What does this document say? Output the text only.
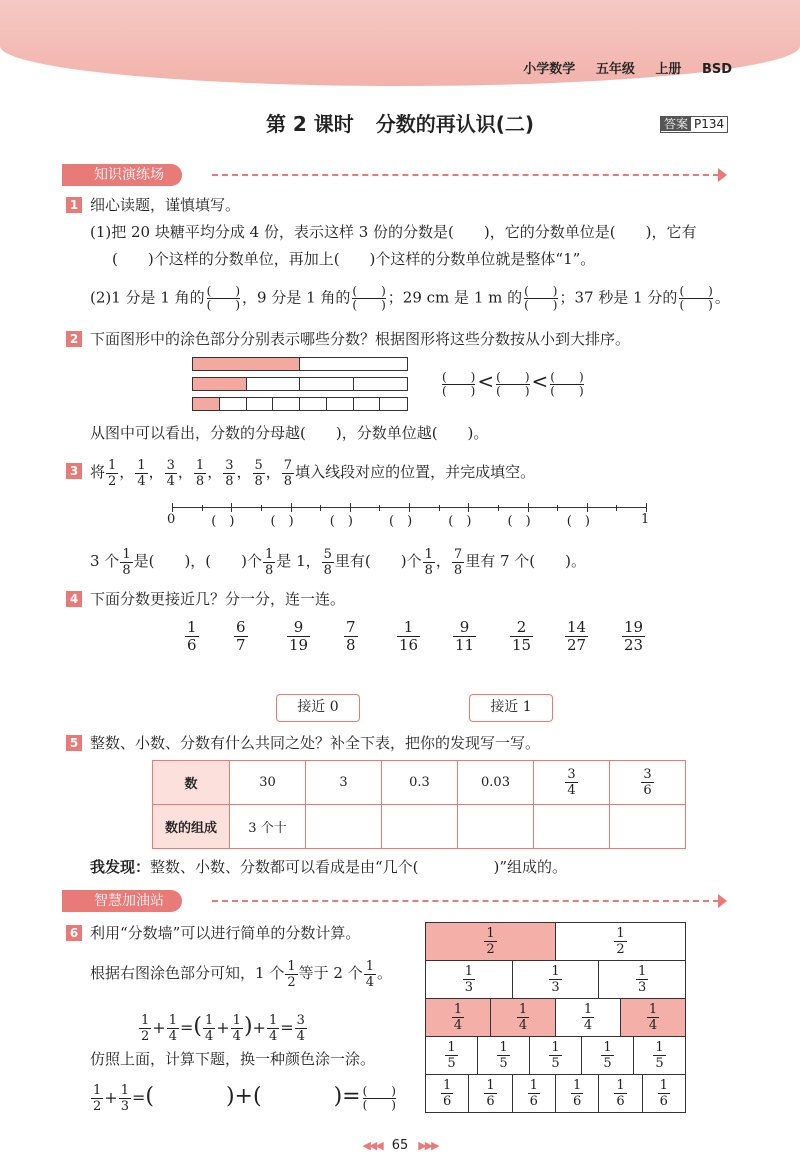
小学数学 五年级 上册 BSD
第 2 课时 分数的再认识(二)	答案 P134
知识演练场
1 细心读题，谨慎填写。
(1)把 20 块糖平均分成 4 份，表示这样 3 份的分数是(　　)，它的分数单位是(　　)，它有
(　　)个这样的分数单位，再加上(　　)个这样的分数单位就是整体“1”。
(2)1 分是 1 角的 (　　)
(　　) ，9 分是 1 角的 (　　)
(　　) ；29 cm 是 1 m 的 (　　)
(　　) ；37 秒是 1 分的 (　　)
(　　) 。
2 下面图形中的涂色部分分别表示哪些分数？根据图形将这些分数按从小到大排序。
(　　)
(　　) < (　　)
(　　) < (　　)
(　　)
从图中可以看出，分数的分母越(　　)，分数单位越(　　)。
3 将 $\frac{1}{2}$ ， $\frac{1}{4}$ ， $\frac{3}{4}$ ， $\frac{1}{8}$ ， $\frac{3}{8}$ ， $\frac{5}{8}$ ， $\frac{7}{8}$ 填入线段对应的位置，并完成填空。
0	1
(　)	(　)	(　)	(　)	(　)	(　)	(　)
3 个 $\frac{1}{8}$ 是(　　)，(　　)个 $\frac{1}{8}$ 是 1， $\frac{5}{8}$ 里有(　　)个 $\frac{1}{8}$ ， $\frac{7}{8}$ 里有 7 个(　　)。
4 下面分数更接近几？分一分，连一连。
$\frac{1}{6} \frac{6}{7}$	$\frac{9}{19} \frac{7}{8}$	$\frac{1}{16} \frac{9}{11} \frac{2}{15} \frac{14}{27} \frac{19}{23}$
接近 0	接近 1
5 整数、小数、分数有什么共同之处？补全下表，把你的发现写一写。
数	30	3	0.3	0.03	$\frac{3}{4}$	$\frac{3}{6}$

数的组成	3 个十					
我发现：整数、小数、分数都可以看成是由“几个(　　　　　)”组成的。
智慧加油站
6 利用“分数墙”可以进行简单的分数计算。
根据右图涂色部分可知，1 个 $\frac{1}{2}$ 等于 2 个 $\frac{1}{4}$ 。
$\frac{1}{2} + \frac{1}{4}$ =( $\frac{1}{4} + \frac{1}{4}$ )+ $\frac{1}{4} = \frac{3}{4}$
仿照上面，计算下题，换一种颜色涂一涂。
$\frac{1}{2} + \frac{1}{3}$ =(	)+(	)= (　　)
(　　)
$\frac{1}{2}$	$\frac{1}{2}$
$\frac{1}{3}$	$\frac{1}{3}$	$\frac{1}{3}$
$\frac{1}{4}$	$\frac{1}{4}$	$\frac{1}{4}$	$\frac{1}{4}$
$\frac{1}{5}$	$\frac{1}{5}$	$\frac{1}{5}$	$\frac{1}{5}$	$\frac{1}{5}$
$\frac{1}{6} \frac{1}{6} \frac{1}{6} \frac{1}{6} \frac{1}{6} \frac{1}{6}$
◀◀◀ 65 ▶▶▶
